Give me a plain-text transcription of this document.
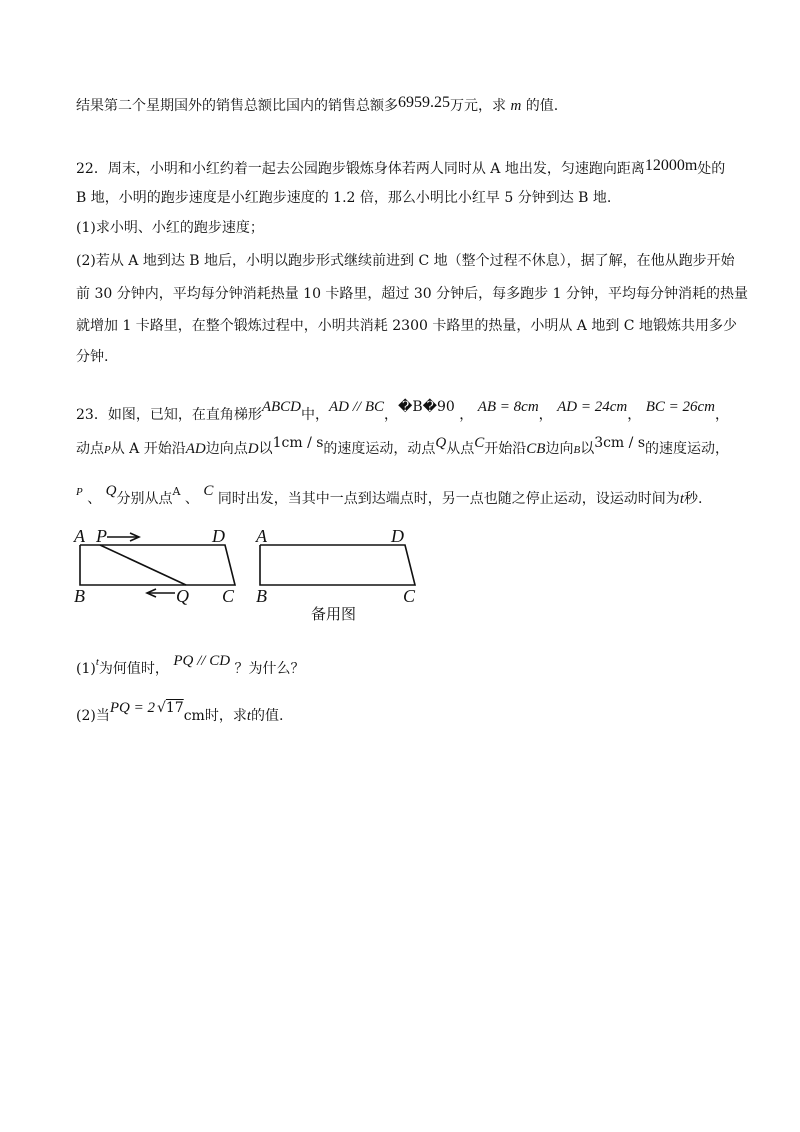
结果第二个星期国外的销售总额比国内的销售总额多6959.25万元，求 m 的值.
22．周末，小明和小红约着一起去公园跑步锻炼身体若两人同时从 A 地出发，匀速跑向距离12000m处的
B 地，小明的跑步速度是小红跑步速度的 1.2 倍，那么小明比小红早 5 分钟到达 B 地.
(1)求小明、小红的跑步速度；
(2)若从 A 地到达 B 地后，小明以跑步形式继续前进到 C 地（整个过程不休息），据了解，在他从跑步开始
前 30 分钟内，平均每分钟消耗热量 10 卡路里，超过 30 分钟后，每多跑步 1 分钟，平均每分钟消耗的热量
就增加 1 卡路里，在整个锻炼过程中，小明共消耗 2300 卡路里的热量，小明从 A 地到 C 地锻炼共用多少
分钟.
23．如图，已知，在直角梯形ABCD中，AD // BC，�B�90 ， AB = 8cm， AD = 24cm， BC = 26cm，
动点P从 A 开始沿AD边向点D以1cm / s的速度运动，动点Q从点C开始沿CB边向B以3cm / s的速度运动，
$^P$ 、 Q分别从点$^A$ 、 C 同时出发，当其中一点到达端点时，另一点也随之停止运动，设运动时间为t秒.
A P	D
B	Q C
A	D
B	C
备用图
$(1)^t$为何值时， PQ // CD ？为什么？
(2)当PQ = 2 √17cm时，求t的值.
